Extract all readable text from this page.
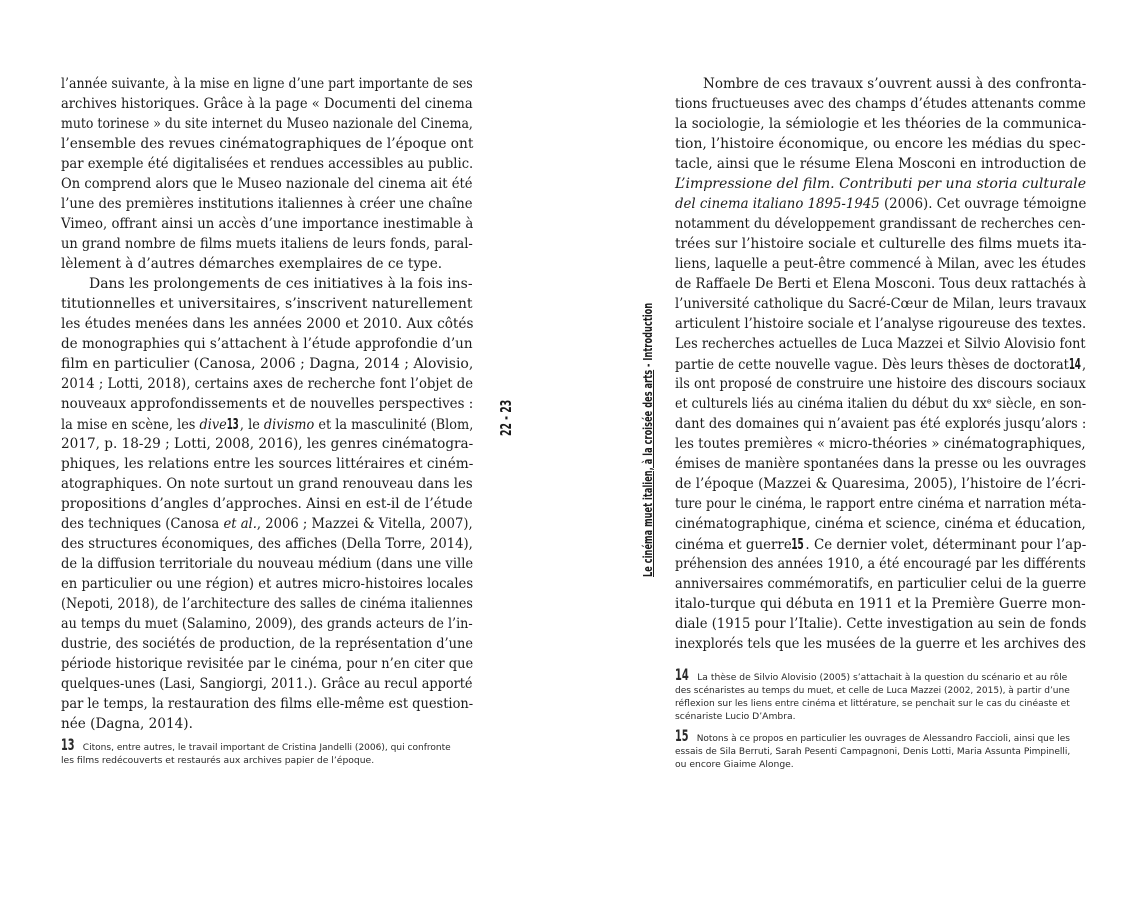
l’année suivante, à la mise en ligne d’une part importante de ses
archives historiques. Grâce à la page « Documenti del cinema
muto torinese » du site internet du Museo nazionale del Cinema,
l’ensemble des revues cinématographiques de l’époque ont
par exemple été digitalisées et rendues accessibles au public.
On comprend alors que le Museo nazionale del cinema ait été
l’une des premières institutions italiennes à créer une chaîne
Vimeo, offrant ainsi un accès d’une importance inestimable à
un grand nombre de films muets italiens de leurs fonds, paral-
lèlement à d’autres démarches exemplaires de ce type.
Dans les prolongements de ces initiatives à la fois ins-
titutionnelles et universitaires, s’inscrivent naturellement
les études menées dans les années 2000 et 2010. Aux côtés
de monographies qui s’attachent à l’étude approfondie d’un
film en particulier (Canosa, 2006 ; Dagna, 2014 ; Alovisio,
2014 ; Lotti, 2018), certains axes de recherche font l’objet de
nouveaux approfondissements et de nouvelles perspectives :
la mise en scène, les dive13, le divismo et la masculinité (Blom,
2017, p. 18-29 ; Lotti, 2008, 2016), les genres cinématogra-
phiques, les relations entre les sources littéraires et ciném-
atographiques. On note surtout un grand renouveau dans les
propositions d’angles d’approches. Ainsi en est-il de l’étude
des techniques (Canosa et al., 2006 ; Mazzei & Vitella, 2007),
des structures économiques, des affiches (Della Torre, 2014),
de la diffusion territoriale du nouveau médium (dans une ville
en particulier ou une région) et autres micro-histoires locales
(Nepoti, 2018), de l’architecture des salles de cinéma italiennes
au temps du muet (Salamino, 2009), des grands acteurs de l’in-
dustrie, des sociétés de production, de la représentation d’une
période historique revisitée par le cinéma, pour n’en citer que
quelques-unes (Lasi, Sangiorgi, 2011.). Grâce au recul apporté
par le temps, la restauration des films elle-même est question-
née (Dagna, 2014).
13 Citons, entre autres, le travail important de Cristina Jandelli (2006), qui confronte
les films redécouverts et restaurés aux archives papier de l’époque.
22 - 23	Le cinéma muet italien, à la croisée des arts - Introduction
Nombre de ces travaux s’ouvrent aussi à des confronta-
tions fructueuses avec des champs d’études attenants comme
la sociologie, la sémiologie et les théories de la communica-
tion, l’histoire économique, ou encore les médias du spec-
tacle, ainsi que le résume Elena Mosconi en introduction de
L’impressione del film. Contributi per una storia culturale
del cinema italiano 1895-1945 (2006). Cet ouvrage témoigne
notamment du développement grandissant de recherches cen-
trées sur l’histoire sociale et culturelle des films muets ita-
liens, laquelle a peut-être commencé à Milan, avec les études
de Raffaele De Berti et Elena Mosconi. Tous deux rattachés à
l’université catholique du Sacré-Cœur de Milan, leurs travaux
articulent l’histoire sociale et l’analyse rigoureuse des textes.
Les recherches actuelles de Luca Mazzei et Silvio Alovisio font
partie de cette nouvelle vague. Dès leurs thèses de doctorat14,
ils ont proposé de construire une histoire des discours sociaux
et culturels liés au cinéma italien du début du xxᵉ siècle, en son-
dant des domaines qui n’avaient pas été explorés jusqu’alors :
les toutes premières « micro-théories » cinématographiques,
émises de manière spontanées dans la presse ou les ouvrages
de l’époque (Mazzei & Quaresima, 2005), l’histoire de l’écri-
ture pour le cinéma, le rapport entre cinéma et narration méta-
cinématographique, cinéma et science, cinéma et éducation,
cinéma et guerre15 . Ce dernier volet, déterminant pour l’ap-
préhension des années 1910, a été encouragé par les différents
anniversaires commémoratifs, en particulier celui de la guerre
italo-turque qui débuta en 1911 et la Première Guerre mon-
diale (1915 pour l’Italie). Cette investigation au sein de fonds
inexplorés tels que les musées de la guerre et les archives des
14 La thèse de Silvio Alovisio (2005) s’attachait à la question du scénario et au rôle
des scénaristes au temps du muet, et celle de Luca Mazzei (2002, 2015), à partir d’une
réflexion sur les liens entre cinéma et littérature, se penchait sur le cas du cinéaste et
scénariste Lucio D’Ambra.
15 Notons à ce propos en particulier les ouvrages de Alessandro Faccioli, ainsi que les
essais de Sila Berruti, Sarah Pesenti Campagnoni, Denis Lotti, Maria Assunta Pimpinelli,
ou encore Giaime Alonge.
